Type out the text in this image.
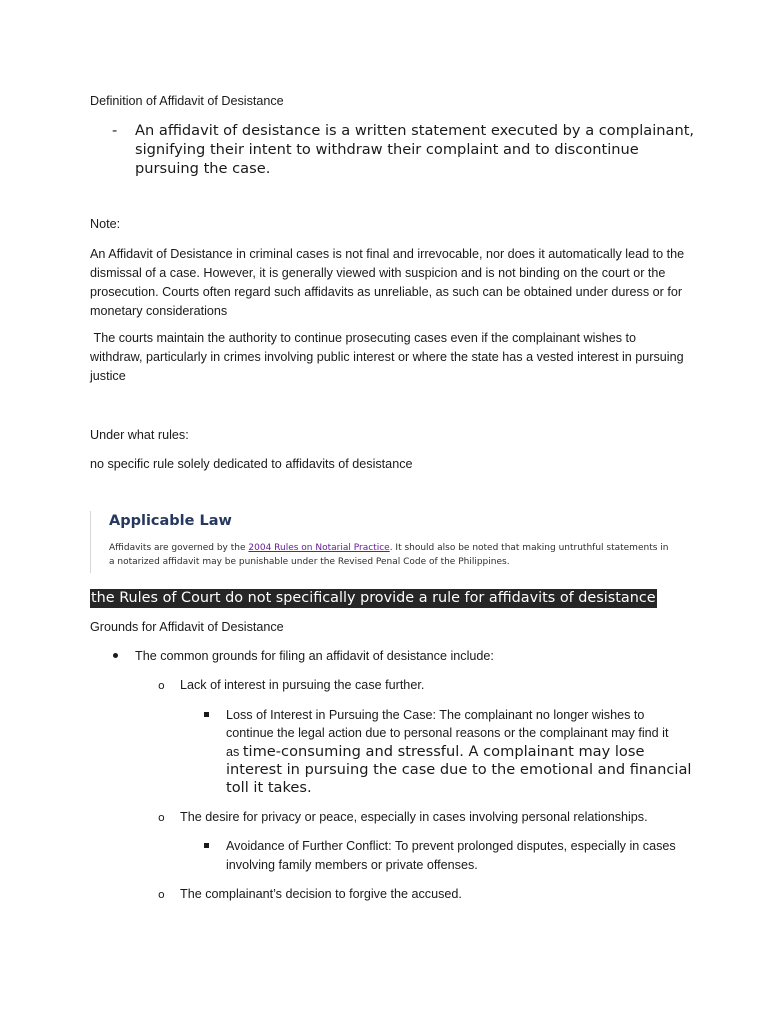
Definition of Affidavit of Desistance

- An affidavit of desistance is a written statement executed by a complainant, signifying their intent to withdraw their complaint and to discontinue pursuing the case.

Note:

An Affidavit of Desistance in criminal cases is not final and irrevocable, nor does it automatically lead to the dismissal of a case. However, it is generally viewed with suspicion and is not binding on the court or the prosecution. Courts often regard such affidavits as unreliable, as such can be obtained under duress or for monetary considerations

The courts maintain the authority to continue prosecuting cases even if the complainant wishes to withdraw, particularly in crimes involving public interest or where the state has a vested interest in pursuing justice

Under what rules:

no specific rule solely dedicated to affidavits of desistance

Applicable Law
Affidavits are governed by the 2004 Rules on Notarial Practice. It should also be noted that making untruthful statements in a notarized affidavit may be punishable under the Revised Penal Code of the Philippines.

the Rules of Court do not specifically provide a rule for affidavits of desistance

Grounds for Affidavit of Desistance

The common grounds for filing an affidavit of desistance include:

o Lack of interest in pursuing the case further.

Loss of Interest in Pursuing the Case: The complainant no longer wishes to

continue the legal action due to personal reasons or the complainant may find it

as time-consuming and stressful. A complainant may lose

interest in pursuing the case due to the emotional and financial

toll it takes.

o The desire for privacy or peace, especially in cases involving personal relationships.

Avoidance of Further Conflict: To prevent prolonged disputes, especially in cases involving family members or private offenses.

o The complainant’s decision to forgive the accused.
